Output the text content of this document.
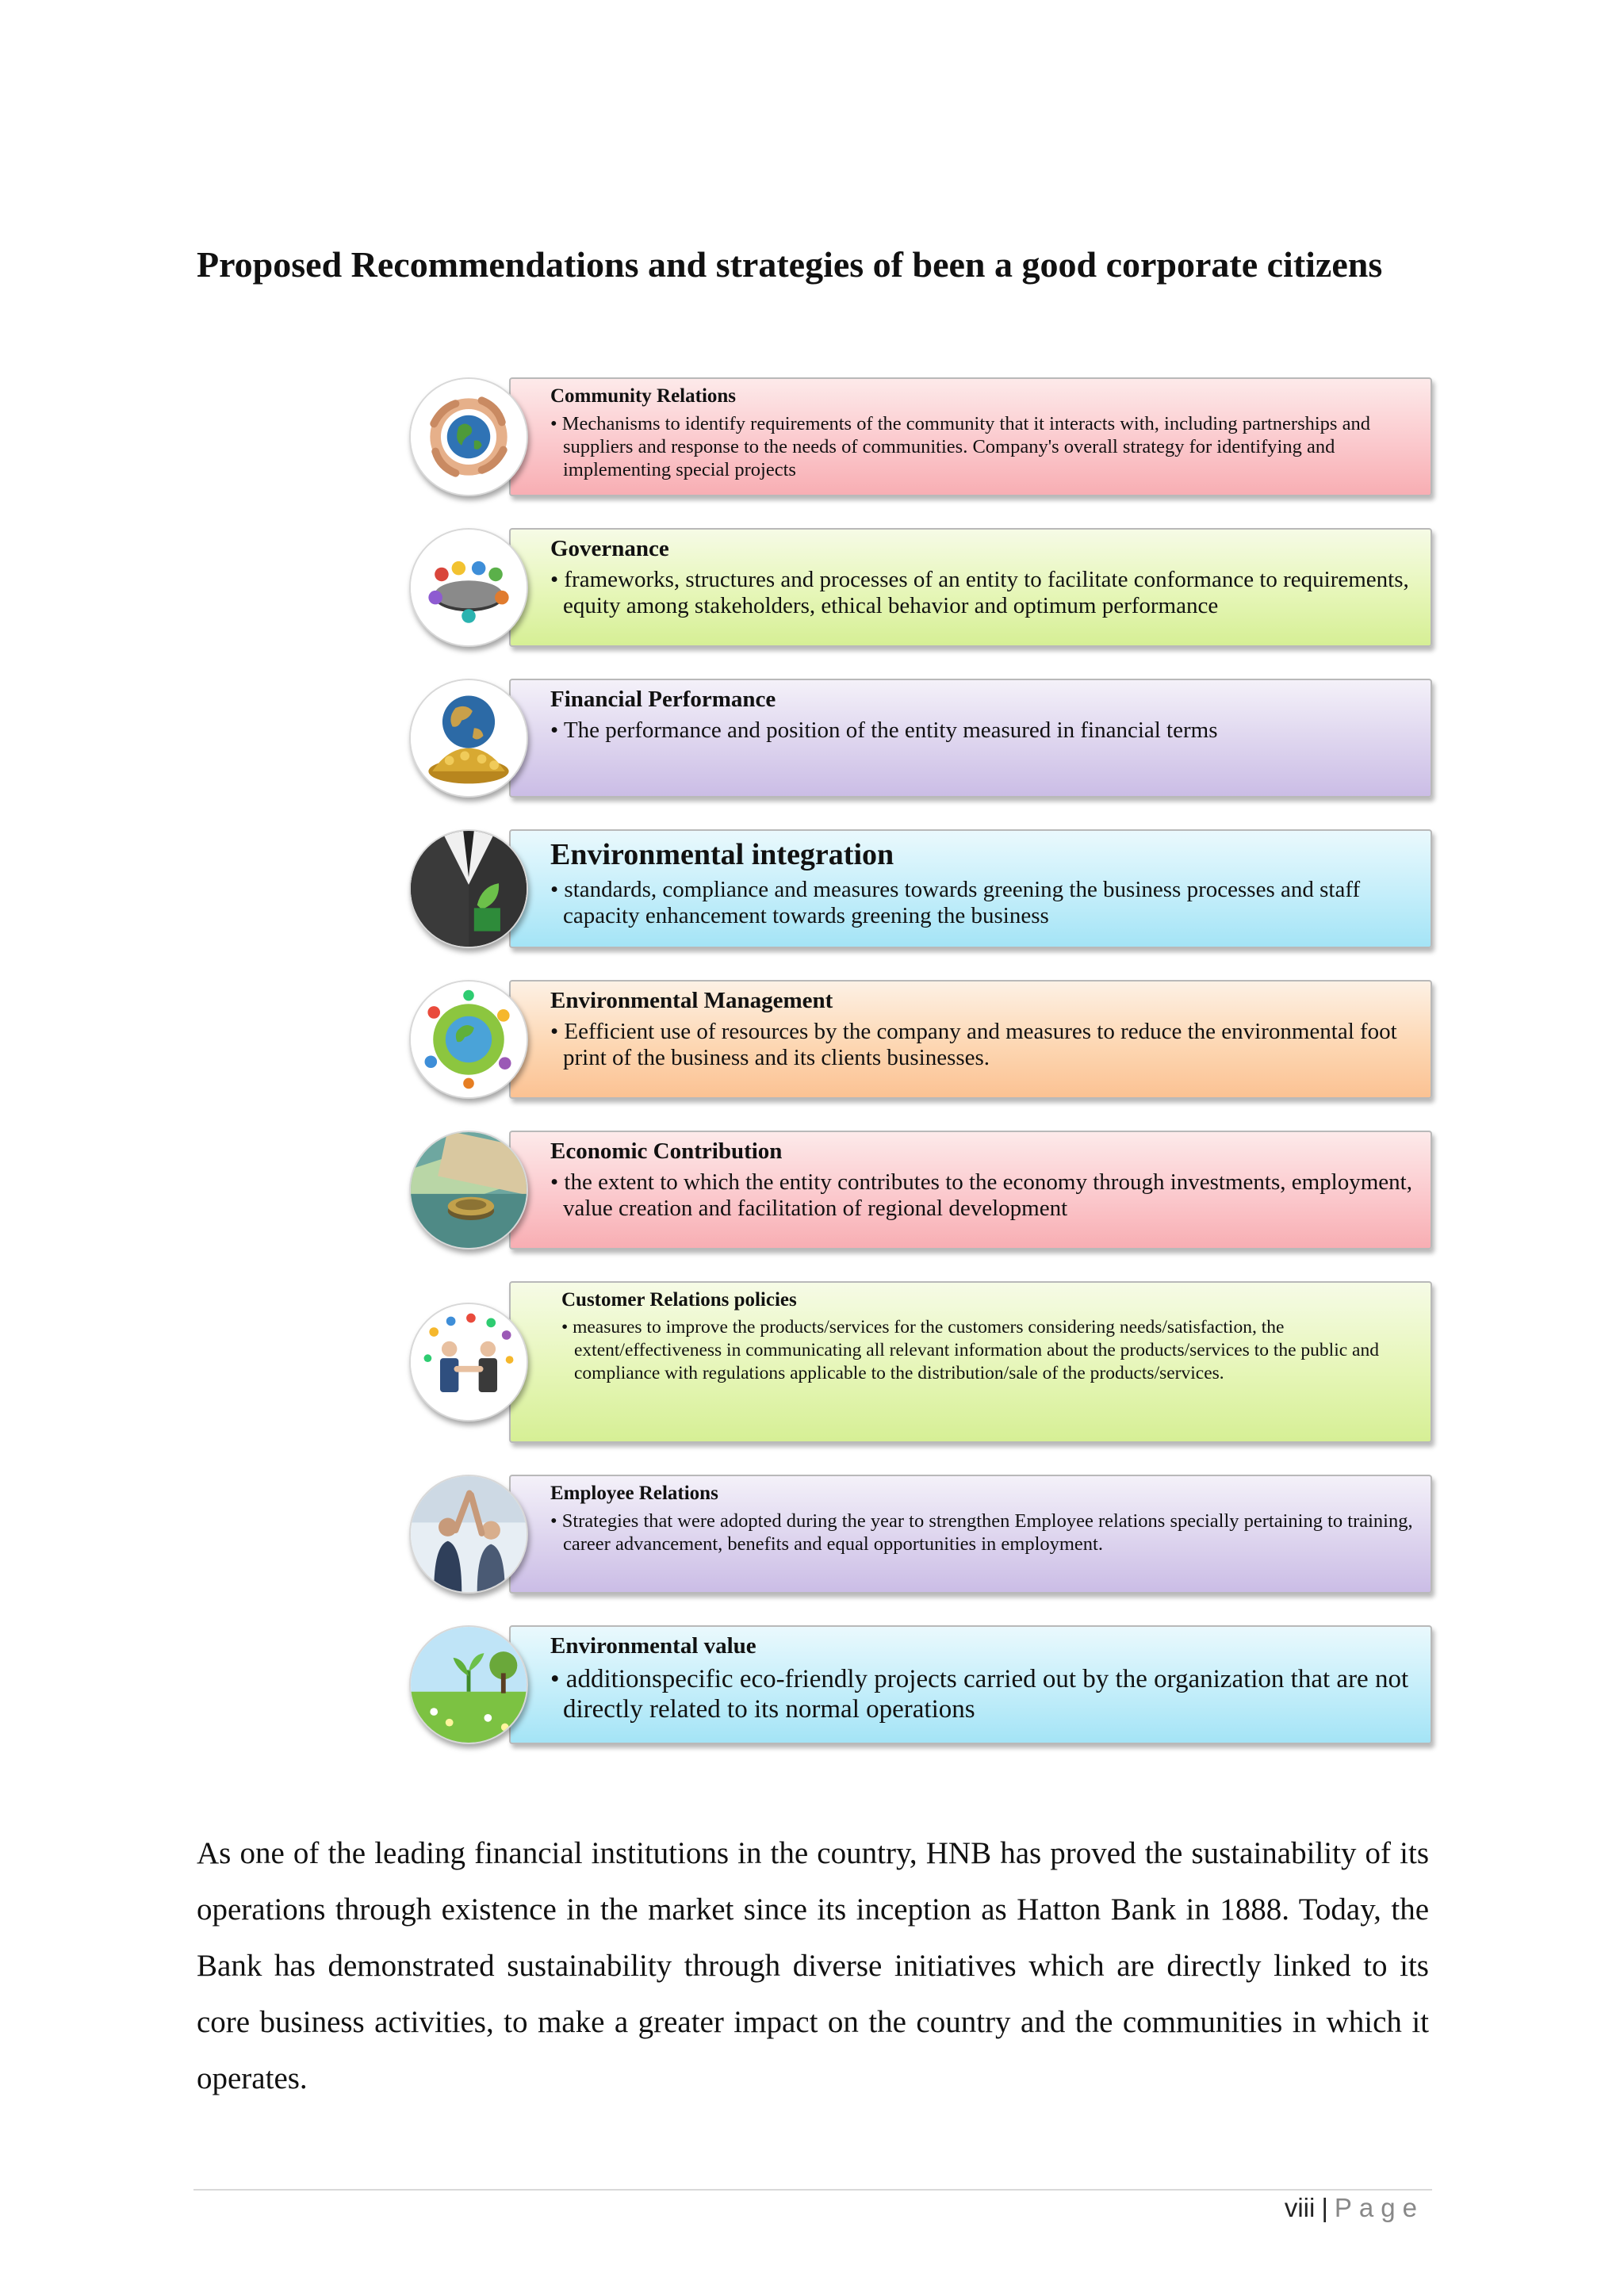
Proposed Recommendations and strategies of been a good corporate citizens

Community Relations

• Mechanisms to identify requirements of the community that it interacts with, including partnerships and suppliers and response to the needs of communities. Company's overall strategy for identifying and implementing special projects

Governance

• frameworks, structures and processes of an entity to facilitate conformance to requirements, equity among stakeholders, ethical behavior and optimum performance

Financial Performance

• The performance and position of the entity measured in financial terms

Environmental integration

• standards, compliance and measures towards greening the business processes and staff capacity enhancement towards greening the business

Environmental Management

• Eefficient use of resources by the company and measures to reduce the environmental foot print of the business and its clients businesses.

Economic Contribution

• the extent to which the entity contributes to the economy through investments, employment, value creation and facilitation of regional development

Customer Relations policies

• measures to improve the products/services for the customers considering needs/satisfaction, the extent/effectiveness in communicating all relevant information about the products/services to the public and compliance with regulations applicable to the distribution/sale of the products/services.

Employee Relations

• Strategies that were adopted during the year to strengthen Employee relations specially pertaining to training, career advancement, benefits and equal opportunities in employment.

Environmental value

• additionspecific eco-friendly projects carried out by the organization that are not directly related to its normal operations

As one of the leading financial institutions in the country, HNB has proved the sustainability of its operations through existence in the market since its inception as Hatton Bank in 1888. Today, the Bank has demonstrated sustainability through diverse initiatives which are directly linked to its core business activities, to make a greater impact on the country and the communities in which it operates.

viii | Page
